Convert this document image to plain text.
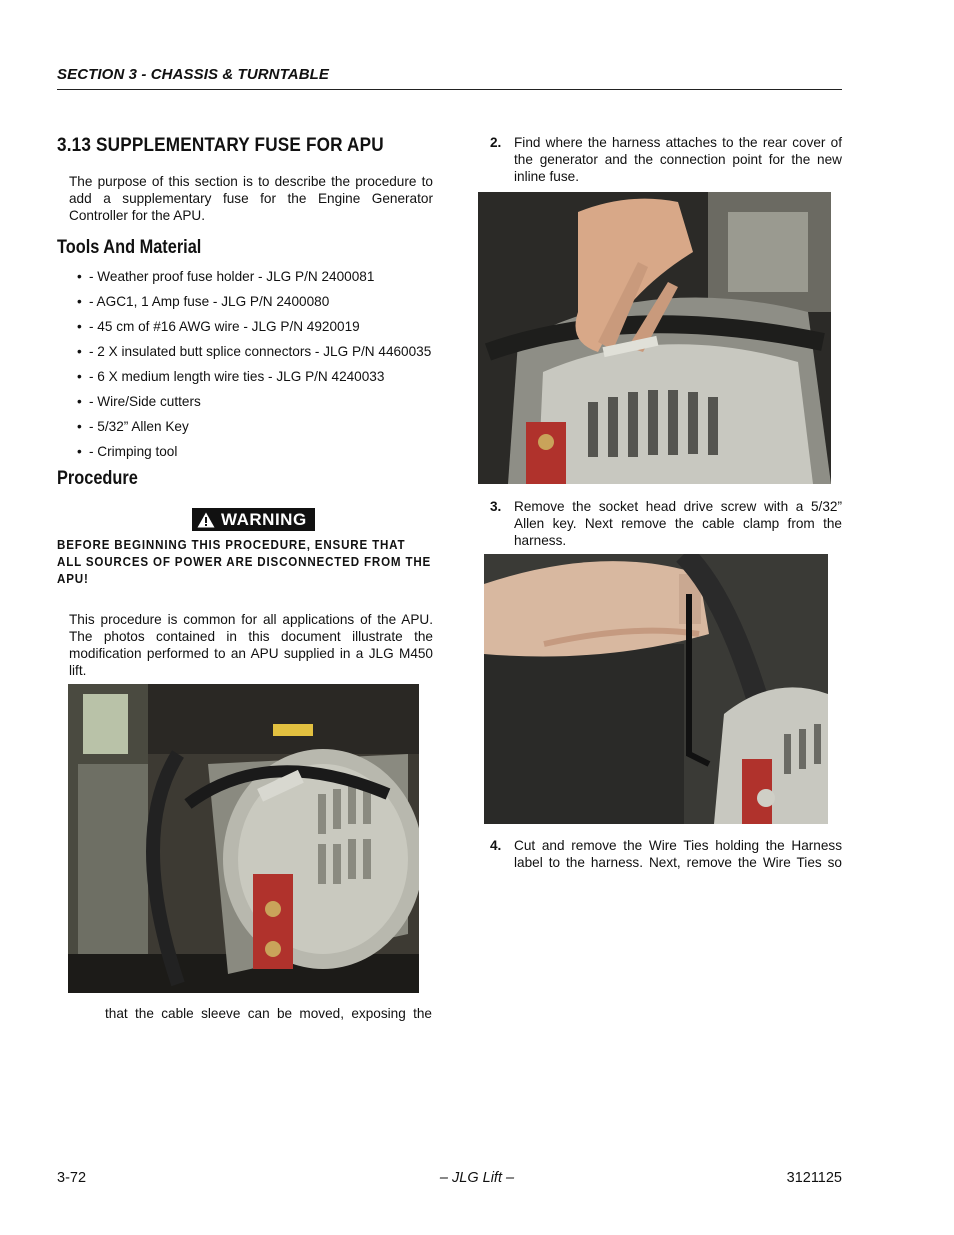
SECTION 3 - CHASSIS & TURNTABLE
3.13 SUPPLEMENTARY FUSE FOR APU
The purpose of this section is to describe the procedure to add a supplementary fuse for the Engine Generator Controller for the APU.
Tools And Material
• - Weather proof fuse holder - JLG P/N 2400081
• - AGC1, 1 Amp fuse - JLG P/N 2400080
• - 45 cm of #16 AWG wire - JLG P/N 4920019
• - 2 X insulated butt splice connectors - JLG P/N 4460035
• - 6 X medium length wire ties - JLG P/N 4240033
• - Wire/Side cutters
• - 5/32” Allen Key
• - Crimping tool
Procedure
WARNING
BEFORE BEGINNING THIS PROCEDURE, ENSURE THAT ALL SOURCES OF POWER ARE DISCONNECTED FROM THE APU!
This procedure is common for all applications of the APU. The photos contained in this document illustrate the modification performed to an APU supplied in a JLG M450 lift.
that the cable sleeve can be moved, exposing the
2. Find where the harness attaches to the rear cover of the generator and the connection point for the new inline fuse.
3. Remove the socket head drive screw with a 5/32” Allen key. Next remove the cable clamp from the harness.
4. Cut and remove the Wire Ties holding the Harness label to the harness. Next, remove the Wire Ties so
3-72	– JLG Lift –	3121125
